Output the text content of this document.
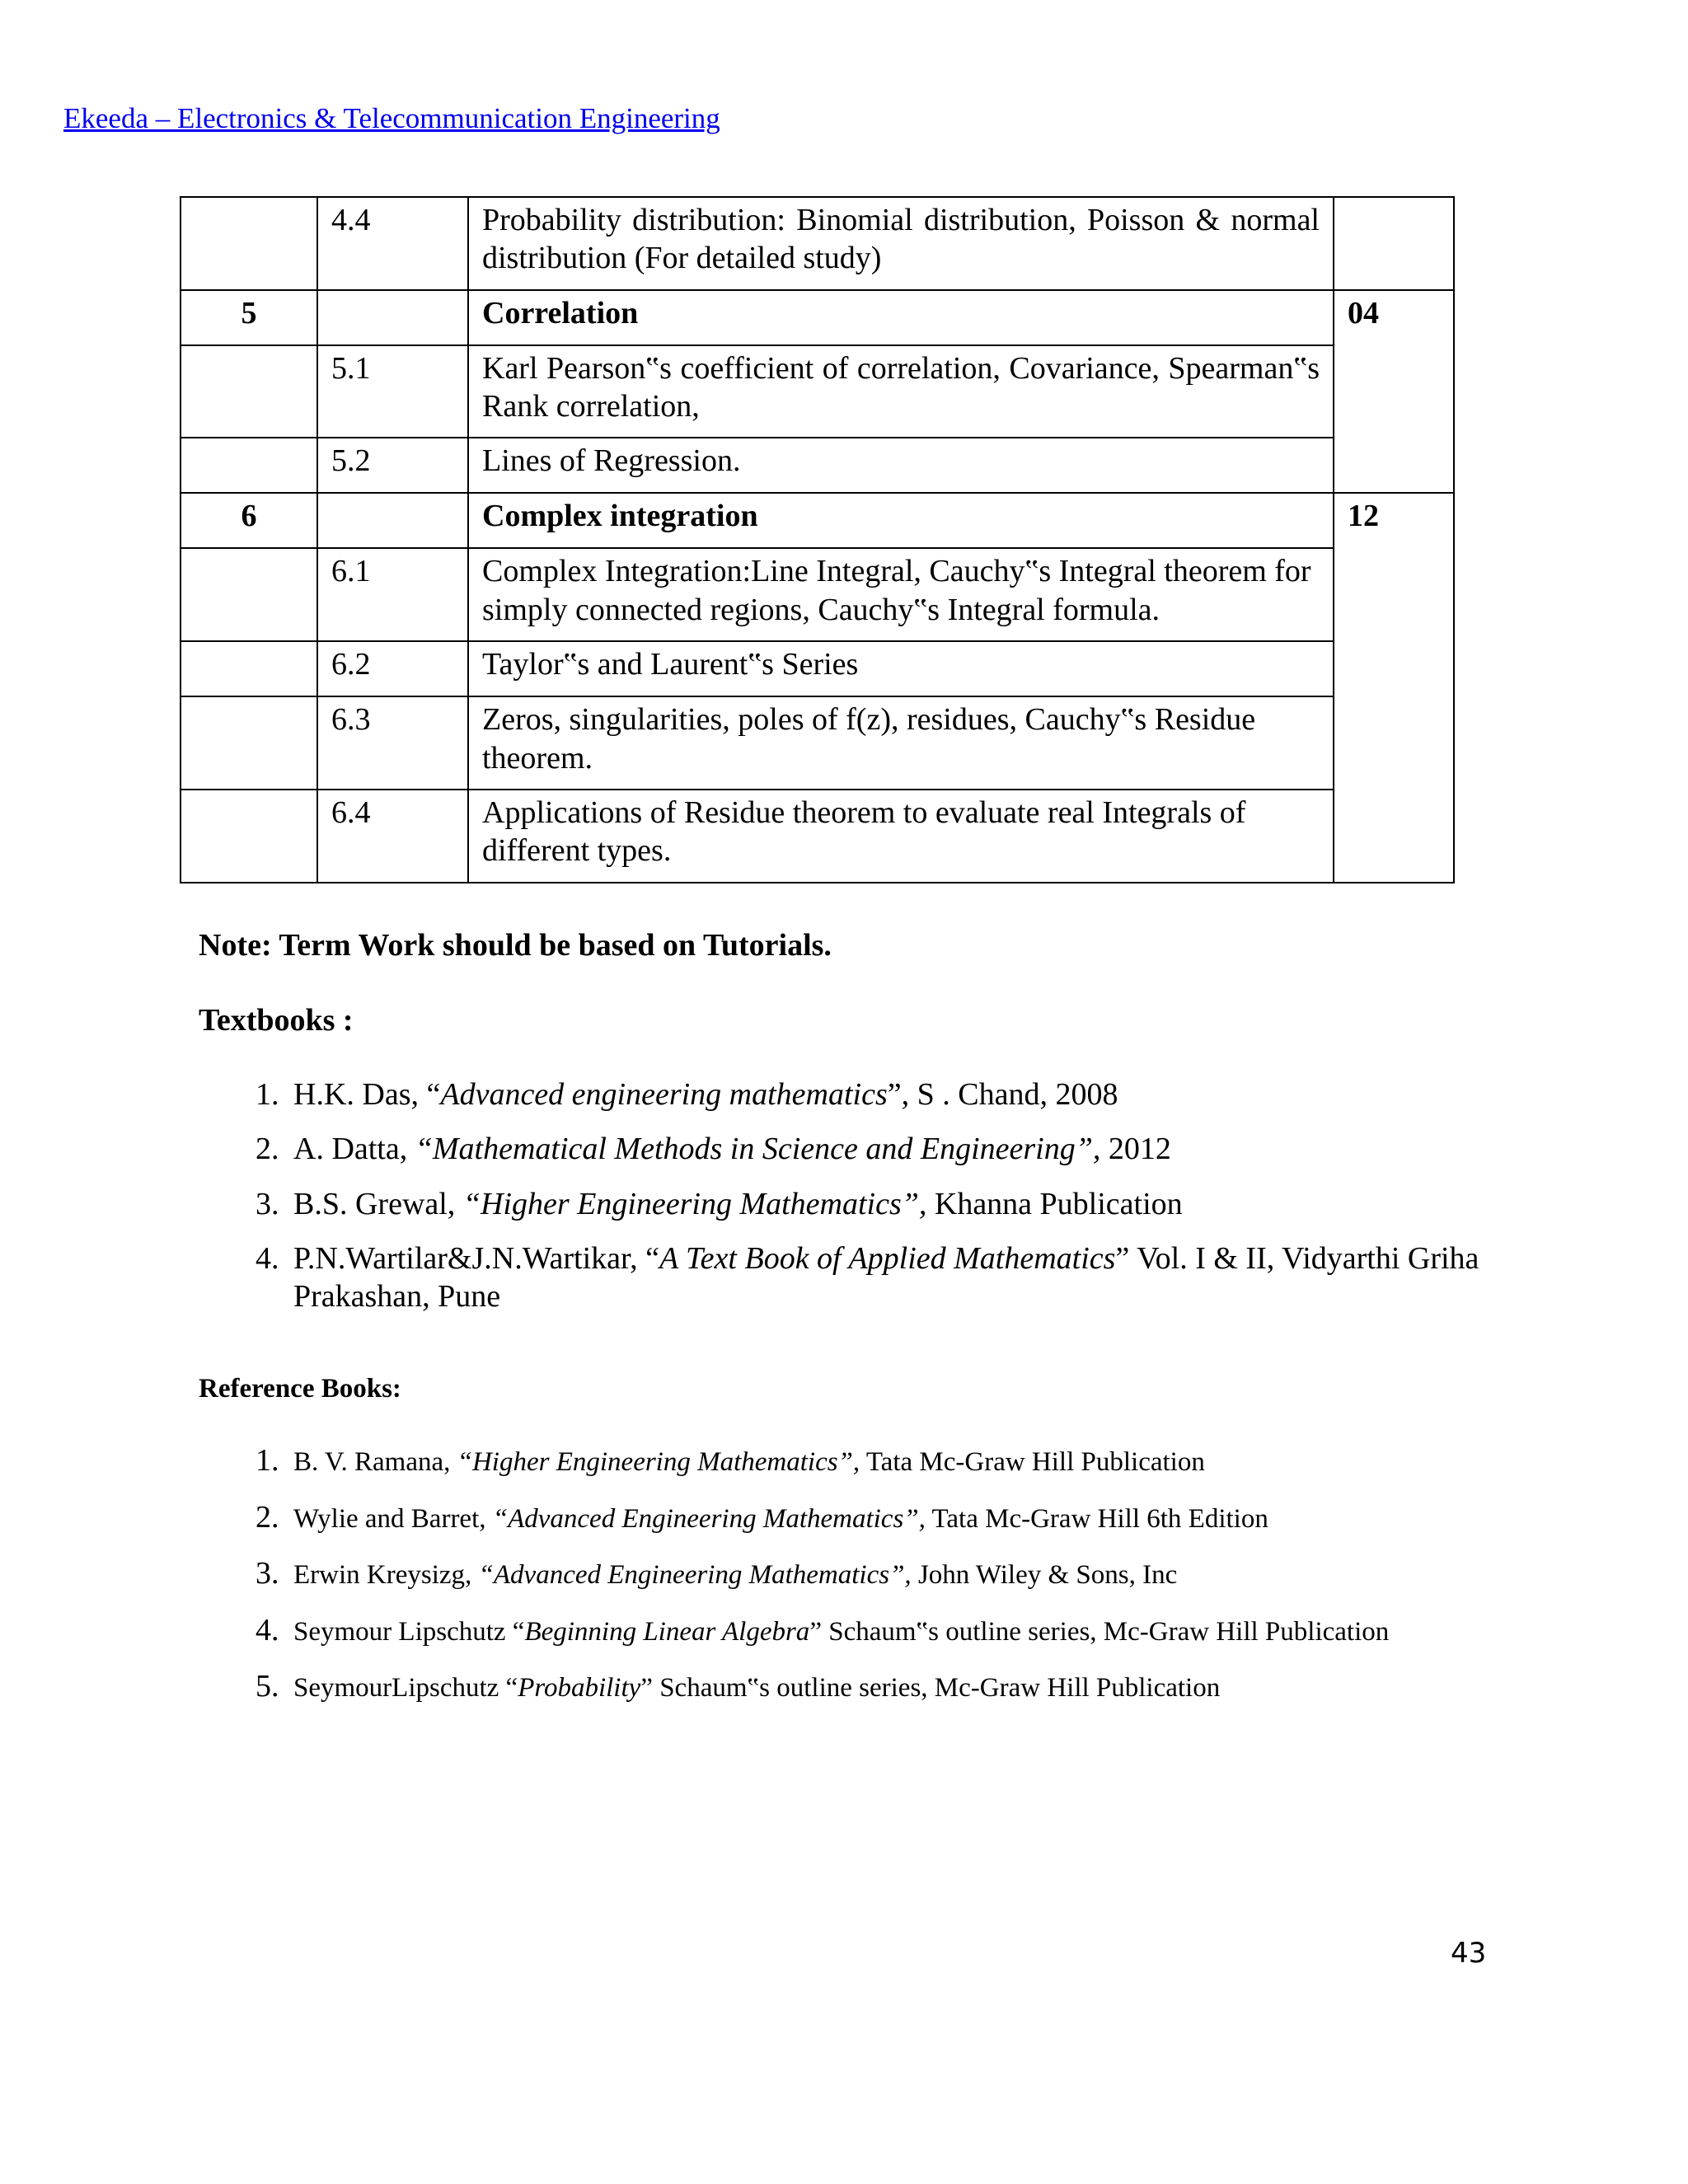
Ekeeda – Electronics & Telecommunication Engineering
	4.4	Probability distribution: Binomial distribution, Poisson & normal distribution (For detailed study)	
5		Correlation	04
	5.1	Karl Pearson‟s coefficient of correlation, Covariance, Spearman‟s Rank correlation,	
	5.2	Lines of Regression.	
6		Complex integration	12
	6.1	Complex Integration:Line Integral, Cauchy‟s Integral theorem for simply connected regions, Cauchy‟s Integral formula.	
	6.2	Taylor‟s and Laurent‟s Series	
	6.3	Zeros, singularities, poles of f(z), residues, Cauchy‟s Residue theorem.	
	6.4	Applications of Residue theorem to evaluate real Integrals of different types.	
Note: Term Work should be based on Tutorials.
Textbooks :
1. H.K. Das, “Advanced engineering mathematics”, S . Chand, 2008
2. A. Datta, “Mathematical Methods in Science and Engineering”, 2012
3. B.S. Grewal, “Higher Engineering Mathematics”, Khanna Publication
4. P.N.Wartilar&J.N.Wartikar, “A Text Book of Applied Mathematics” Vol. I & II, Vidyarthi Griha Prakashan, Pune
Reference Books:
1. B. V. Ramana, “Higher Engineering Mathematics”, Tata Mc-Graw Hill Publication
2. Wylie and Barret, “Advanced Engineering Mathematics”, Tata Mc-Graw Hill 6th Edition
3. Erwin Kreysizg, “Advanced Engineering Mathematics”, John Wiley & Sons, Inc
4. Seymour Lipschutz “Beginning Linear Algebra” Schaum‟s outline series, Mc-Graw Hill Publication
5. SeymourLipschutz “Probability” Schaum‟s outline series, Mc-Graw Hill Publication
43
